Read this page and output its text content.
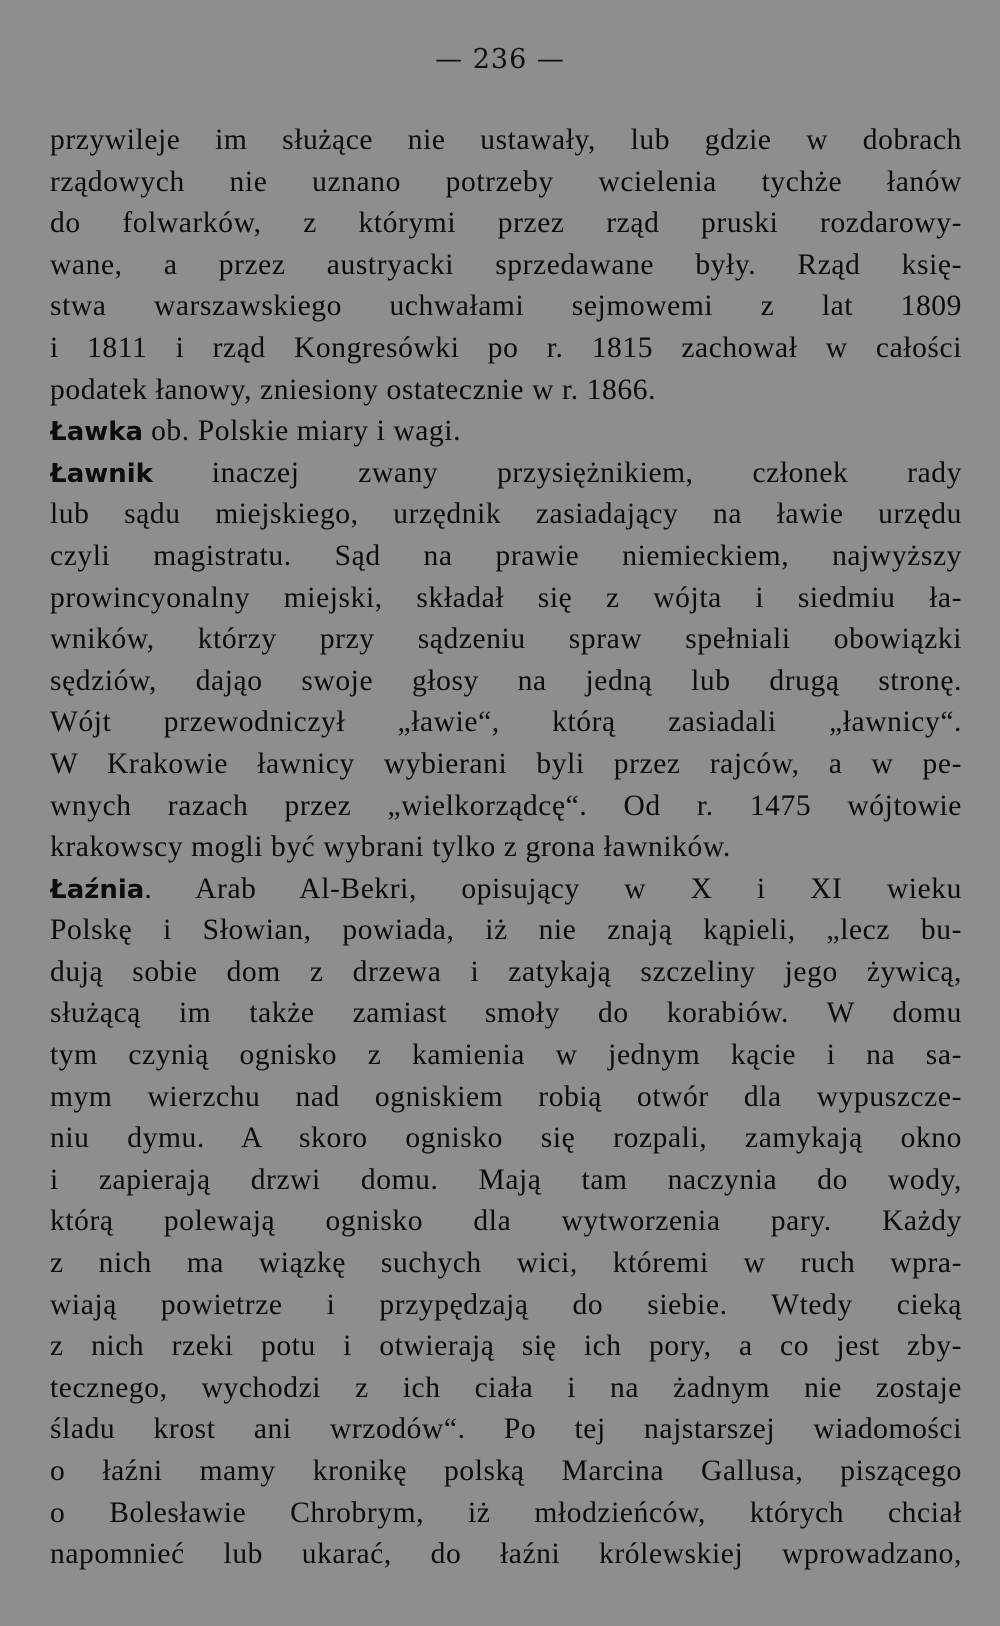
— 236 —
przywileje im służące nie ustawały, lub gdzie w dobrach
rządowych nie uznano potrzeby wcielenia tychże łanów
do folwarków, z którymi przez rząd pruski rozdarowy-
wane, a przez austryacki sprzedawane były. Rząd księ-
stwa warszawskiego uchwałami sejmowemi z lat 1809
i 1811 i rząd Kongresówki po r. 1815 zachował w całości
podatek łanowy, zniesiony ostatecznie w r. 1866.
Ławka ob. Polskie miary i wagi.
Ławnik inaczej zwany przysiężnikiem, członek rady
lub sądu miejskiego, urzędnik zasiadający na ławie urzędu
czyli magistratu. Sąd na prawie niemieckiem, najwyższy
prowincyonalny miejski, składał się z wójta i siedmiu ła-
wników, którzy przy sądzeniu spraw spełniali obowiązki
sędziów, dająo swoje głosy na jedną lub drugą stronę.
Wójt przewodniczył „ławie“, którą zasiadali „ławnicy“.
W Krakowie ławnicy wybierani byli przez rajców, a w pe-
wnych razach przez „wielkorządcę“. Od r. 1475 wójtowie
krakowscy mogli być wybrani tylko z grona ławników.
Łaźnia. Arab Al-Bekri, opisujący w X i XI wieku
Polskę i Słowian, powiada, iż nie znają kąpieli, „lecz bu-
dują sobie dom z drzewa i zatykają szczeliny jego żywicą,
służącą im także zamiast smoły do korabiów. W domu
tym czynią ognisko z kamienia w jednym kącie i na sa-
mym wierzchu nad ogniskiem robią otwór dla wypuszcze-
niu dymu. A skoro ognisko się rozpali, zamykają okno
i zapierają drzwi domu. Mają tam naczynia do wody,
którą polewają ognisko dla wytworzenia pary. Każdy
z nich ma wiązkę suchych wici, któremi w ruch wpra-
wiają powietrze i przypędzają do siebie. Wtedy cieką
z nich rzeki potu i otwierają się ich pory, a co jest zby-
tecznego, wychodzi z ich ciała i na żadnym nie zostaje
śladu krost ani wrzodów“. Po tej najstarszej wiadomości
o łaźni mamy kronikę polską Marcina Gallusa, piszącego
o Bolesławie Chrobrym, iż młodzieńców, których chciał
napomnieć lub ukarać, do łaźni królewskiej wprowadzano,
